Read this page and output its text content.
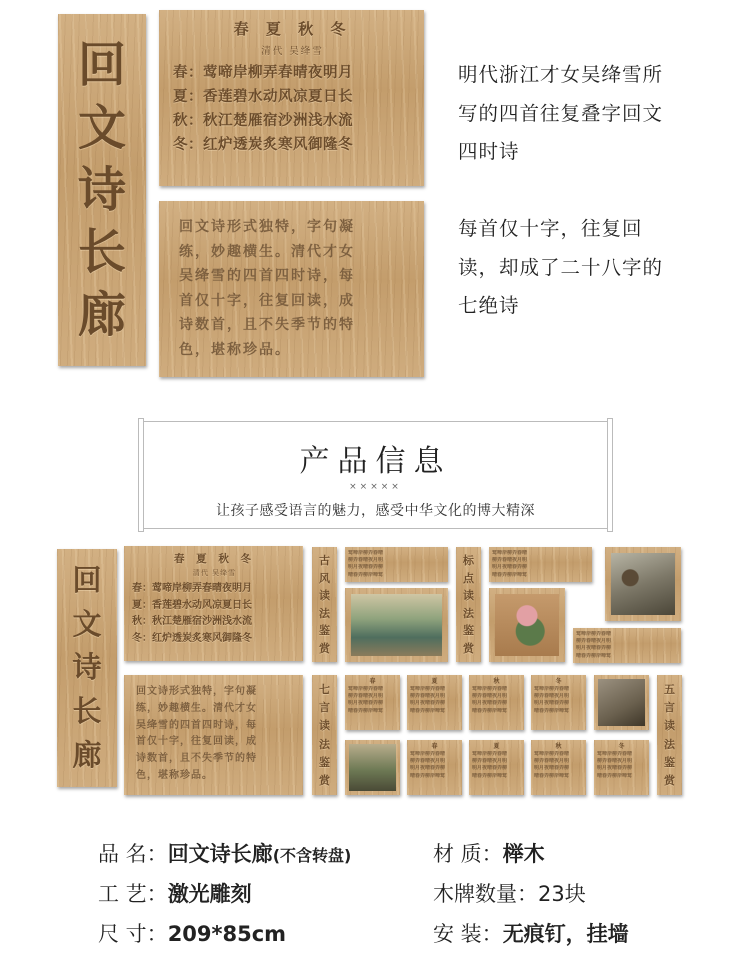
回
文
诗
长
廊
春 夏 秋 冬
清代 吴绛雪
春：莺啼岸柳弄春晴夜明月
夏：香莲碧水动风凉夏日长
秋：秋江楚雁宿沙洲浅水流
冬：红炉透炭炙寒风御隆冬

回文诗形式独特，字句凝

练，妙趣横生。清代才女

吴绛雪的四首四时诗，每

首仅十字，往复回读，成

诗数首，且不失季节的特

色，堪称珍品。

明代浙江才女吴绛雪所
写的四首往复叠字回文
四时诗
每首仅十字，往复回
读，却成了二十八字的
七绝诗
产品信息
×××××
让孩子感受语言的魅力，感受中华文化的博大精深
回
文
诗
长
廊
春 夏 秋 冬
清代 吴绛雪
春：莺啼岸柳弄春晴夜明月
夏：香莲碧水动风凉夏日长
秋：秋江楚雁宿沙洲浅水流
冬：红炉透炭炙寒风御隆冬

回文诗形式独特，字句凝

练，妙趣横生。清代才女

吴绛雪的四首四时诗，每

首仅十字，往复回读，成

诗数首，且不失季节的特

色，堪称珍品。

古
风
读
法
鉴
赏
标
点
读
法
鉴
赏
七
言
读
法
鉴
赏
五
言
读
法
鉴
赏
莺啼岸柳弄春晴
柳弄春晴夜月明
明月夜晴春弄柳
晴春弄柳岸啼莺
莺啼岸柳弄春晴
柳弄春晴夜月明
明月夜晴春弄柳
晴春弄柳岸啼莺
莺啼岸柳弄春晴
柳弄春晴夜月明
明月夜晴春弄柳
晴春弄柳岸啼莺
春
莺啼岸柳弄春晴
柳弄春晴夜月明
明月夜晴春弄柳
晴春弄柳岸啼莺
夏
莺啼岸柳弄春晴
柳弄春晴夜月明
明月夜晴春弄柳
晴春弄柳岸啼莺
秋
莺啼岸柳弄春晴
柳弄春晴夜月明
明月夜晴春弄柳
晴春弄柳岸啼莺
冬
莺啼岸柳弄春晴
柳弄春晴夜月明
明月夜晴春弄柳
晴春弄柳岸啼莺
春
莺啼岸柳弄春晴
柳弄春晴夜月明
明月夜晴春弄柳
晴春弄柳岸啼莺
夏
莺啼岸柳弄春晴
柳弄春晴夜月明
明月夜晴春弄柳
晴春弄柳岸啼莺
秋
莺啼岸柳弄春晴
柳弄春晴夜月明
明月夜晴春弄柳
晴春弄柳岸啼莺
冬
莺啼岸柳弄春晴
柳弄春晴夜月明
明月夜晴春弄柳
晴春弄柳岸啼莺
品 名：回文诗长廊(不含转盘)	材 质：榉木
工 艺：激光雕刻	木牌数量：23块
尺 寸：209*85cm	安 装：无痕钉，挂墙
